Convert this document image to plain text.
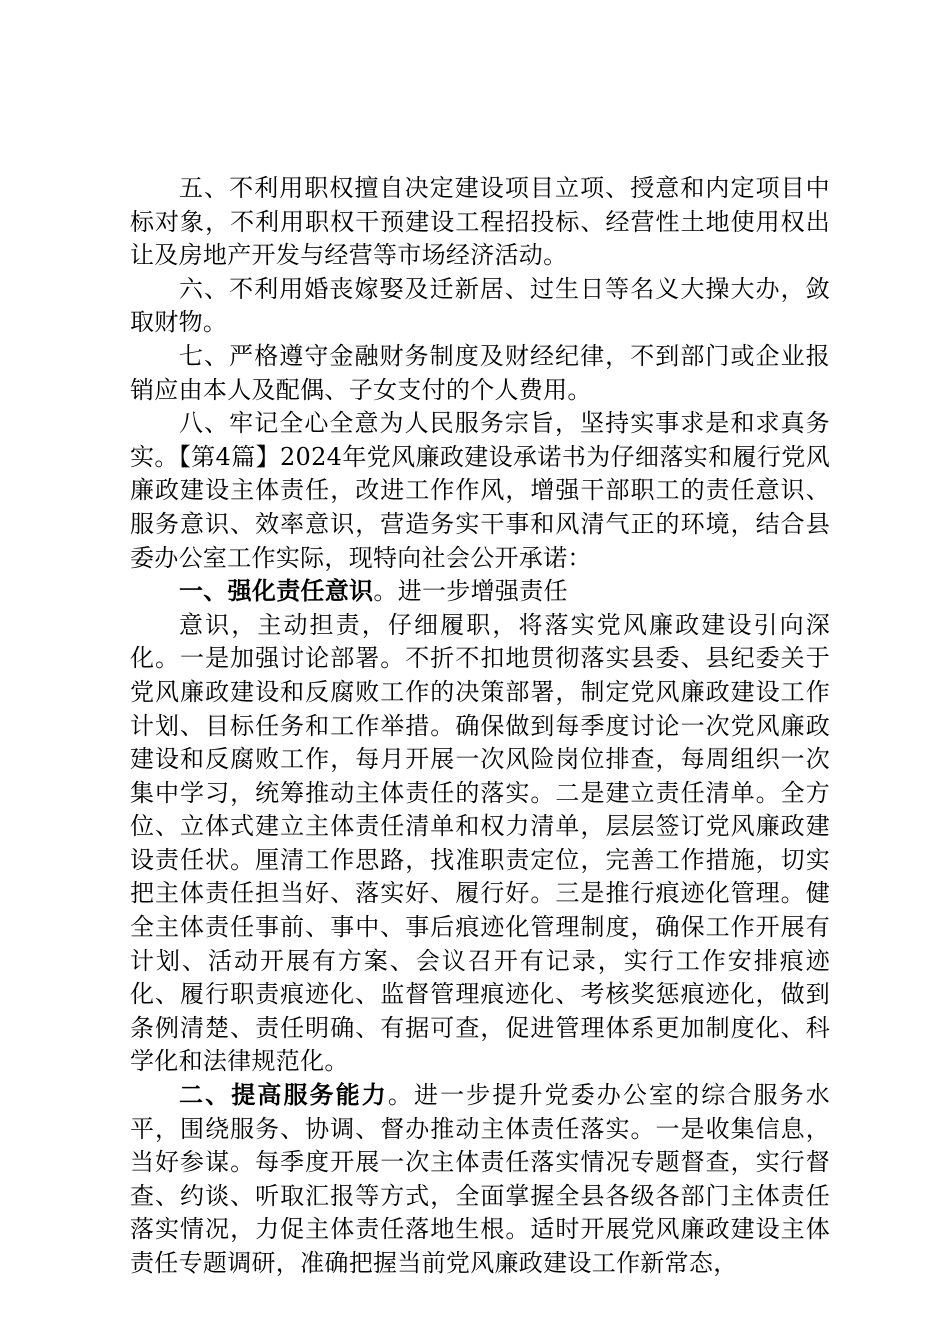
五、不利用职权擅自决定建设项目立项、授意和内定项目中标对象，不利用职权干预建设工程招投标、经营性土地使用权出让及房地产开发与经营等市场经济活动。

六、不利用婚丧嫁娶及迁新居、过生日等名义大操大办，敛取财物。

七、严格遵守金融财务制度及财经纪律，不到部门或企业报销应由本人及配偶、子女支付的个人费用。

八、牢记全心全意为人民服务宗旨，坚持实事求是和求真务实。【第4篇】2024年党风廉政建设承诺书为仔细落实和履行党风廉政建设主体责任，改进工作作风，增强干部职工的责任意识、服务意识、效率意识，营造务实干事和风清气正的环境，结合县委办公室工作实际，现特向社会公开承诺：

一、强化责任意识。进一步增强责任

意识，主动担责，仔细履职，将落实党风廉政建设引向深化。一是加强讨论部署。不折不扣地贯彻落实县委、县纪委关于党风廉政建设和反腐败工作的决策部署，制定党风廉政建设工作计划、目标任务和工作举措。确保做到每季度讨论一次党风廉政建设和反腐败工作，每月开展一次风险岗位排查，每周组织一次集中学习，统筹推动主体责任的落实。二是建立责任清单。全方位、立体式建立主体责任清单和权力清单，层层签订党风廉政建设责任状。厘清工作思路，找准职责定位，完善工作措施，切实把主体责任担当好、落实好、履行好。三是推行痕迹化管理。健全主体责任事前、事中、事后痕迹化管理制度，确保工作开展有计划、活动开展有方案、会议召开有记录，实行工作安排痕迹化、履行职责痕迹化、监督管理痕迹化、考核奖惩痕迹化，做到条例清楚、责任明确、有据可查，促进管理体系更加制度化、科学化和法律规范化。

二、提高服务能力。进一步提升党委办公室的综合服务水平，围绕服务、协调、督办推动主体责任落实。一是收集信息，当好参谋。每季度开展一次主体责任落实情况专题督查，实行督查、约谈、听取汇报等方式，全面掌握全县各级各部门主体责任落实情况，力促主体责任落地生根。适时开展党风廉政建设主体责任专题调研，准确把握当前党风廉政建设工作新常态，
